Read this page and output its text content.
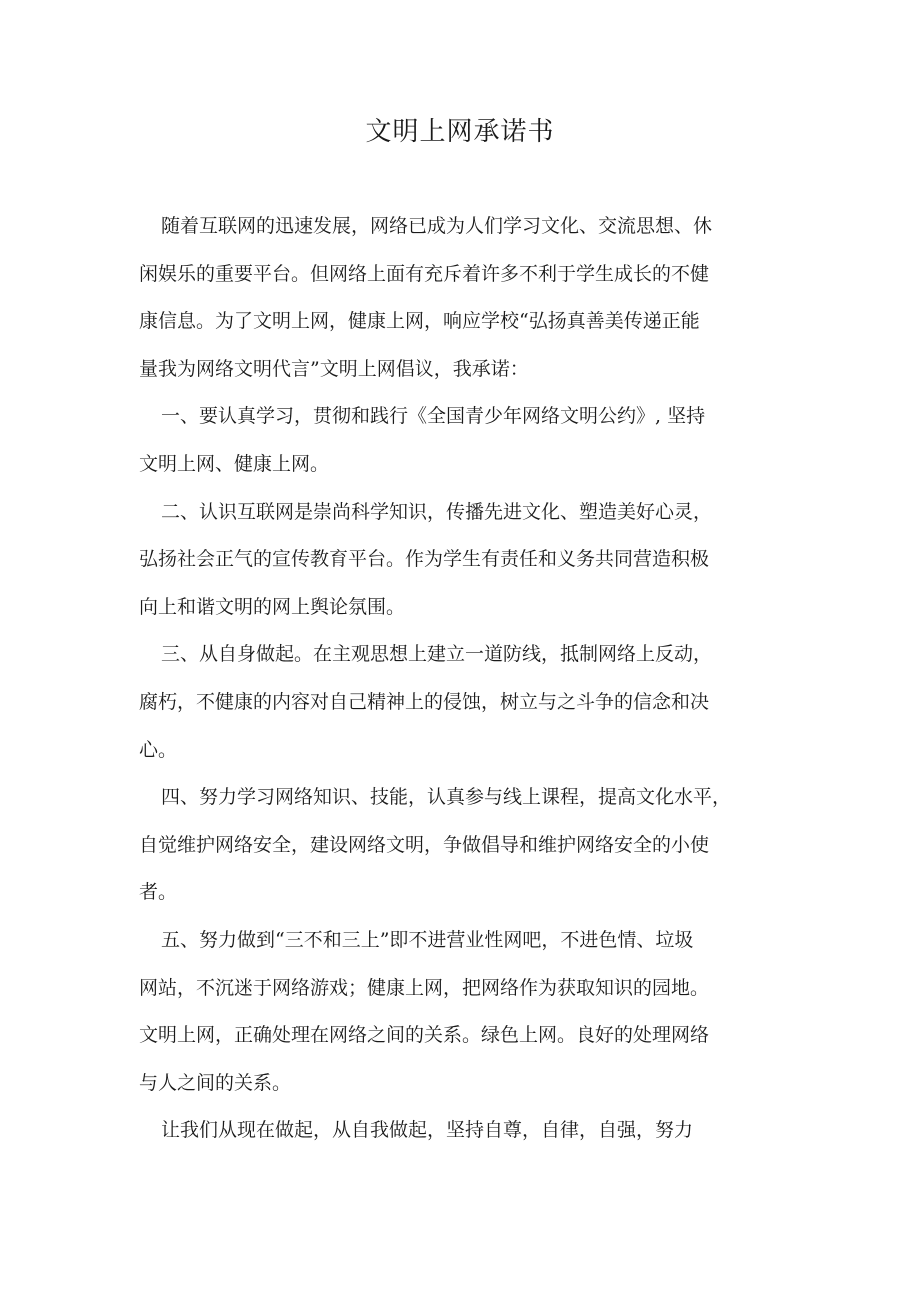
文明上网承诺书
随着互联网的迅速发展，网络已成为人们学习文化、交流思想、休
闲娱乐的重要平台。但网络上面有充斥着许多不利于学生成长的不健
康信息。为了文明上网，健康上网，响应学校“弘扬真善美传递正能
量我为网络文明代言”文明上网倡议，我承诺：
一、要认真学习，贯彻和践行《全国青少年网络文明公约》, 坚持
文明上网、健康上网。
二、认识互联网是崇尚科学知识，传播先进文化、塑造美好心灵，
弘扬社会正气的宣传教育平台。作为学生有责任和义务共同营造积极
向上和谐文明的网上舆论氛围。
三、从自身做起。在主观思想上建立一道防线，抵制网络上反动，
腐朽，不健康的内容对自己精神上的侵蚀，树立与之斗争的信念和决
心。
四、努力学习网络知识、技能，认真参与线上课程，提高文化水平，
自觉维护网络安全，建设网络文明，争做倡导和维护网络安全的小使
者。
五、努力做到“三不和三上”即不进营业性网吧，不进色情、垃圾
网站，不沉迷于网络游戏；健康上网，把网络作为获取知识的园地。
文明上网，正确处理在网络之间的关系。绿色上网。良好的处理网络
与人之间的关系。
让我们从现在做起，从自我做起，坚持自尊，自律，自强，努力
